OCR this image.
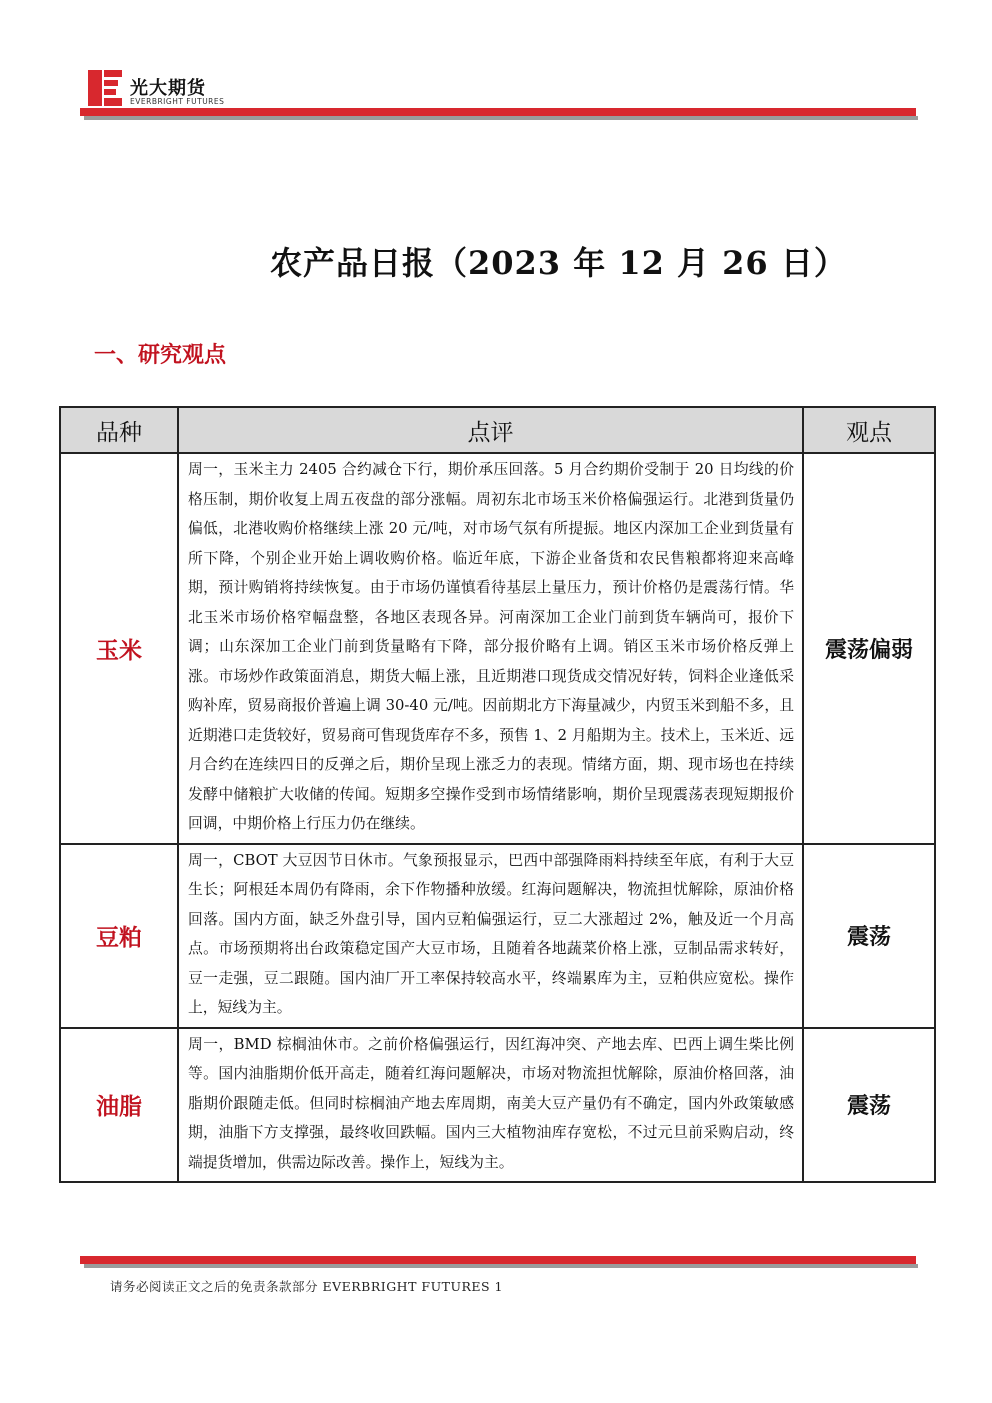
光大期货
EVERBRIGHT FUTURES
农产品日报（2023 年 12 月 26 日）
一、研究观点
品种	点评	观点
玉米	周一，玉米主力 2405 合约减仓下行，期价承压回落。5 月合约期价受制于 20 日均线的价格压制，期价收复上周五夜盘的部分涨幅。周初东北市场玉米价格偏强运行。北港到货量仍偏低，北港收购价格继续上涨 20 元/吨，对市场气氛有所提振。地区内深加工企业到货量有所下降，个别企业开始上调收购价格。临近年底，下游企业备货和农民售粮都将迎来高峰期，预计购销将持续恢复。由于市场仍谨慎看待基层上量压力，预计价格仍是震荡行情。华北玉米市场价格窄幅盘整，各地区表现各异。河南深加工企业门前到货车辆尚可，报价下调；山东深加工企业门前到货量略有下降，部分报价略有上调。销区玉米市场价格反弹上涨。市场炒作政策面消息，期货大幅上涨，且近期港口现货成交情况好转，饲料企业逢低采购补库，贸易商报价普遍上调 30-40 元/吨。因前期北方下海量减少，内贸玉米到船不多，且近期港口走货较好，贸易商可售现货库存不多，预售 1、2 月船期为主。技术上，玉米近、远月合约在连续四日的反弹之后，期价呈现上涨乏力的表现。情绪方面，期、现市场也在持续发酵中储粮扩大收储的传闻。短期多空操作受到市场情绪影响，期价呈现震荡表现短期报价回调，中期价格上行压力仍在继续。	震荡偏弱
豆粕	周一，CBOT 大豆因节日休市。气象预报显示，巴西中部强降雨料持续至年底，有利于大豆生长；阿根廷本周仍有降雨，余下作物播种放缓。红海问题解决，物流担忧解除，原油价格回落。国内方面，缺乏外盘引导，国内豆粕偏强运行，豆二大涨超过 2%，触及近一个月高点。市场预期将出台政策稳定国产大豆市场，且随着各地蔬菜价格上涨，豆制品需求转好，豆一走强，豆二跟随。国内油厂开工率保持较高水平，终端累库为主，豆粕供应宽松。操作上，短线为主。	震荡
油脂	周一，BMD 棕榈油休市。之前价格偏强运行，因红海冲突、产地去库、巴西上调生柴比例等。国内油脂期价低开高走，随着红海问题解决，市场对物流担忧解除，原油价格回落，油脂期价跟随走低。但同时棕榈油产地去库周期，南美大豆产量仍有不确定，国内外政策敏感期，油脂下方支撑强，最终收回跌幅。国内三大植物油库存宽松，不过元旦前采购启动，终端提货增加，供需边际改善。操作上，短线为主。	震荡
请务必阅读正文之后的免责条款部分 EVERBRIGHT FUTURES 1
